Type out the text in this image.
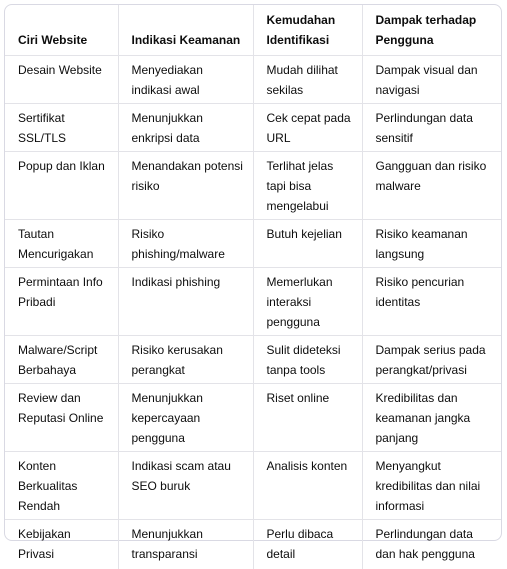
Ciri Website	Indikasi Keamanan	Kemudahan Identifikasi	Dampak terhadap Pengguna
Desain Website	Menyediakan indikasi awal	Mudah dilihat sekilas	Dampak visual dan navigasi
Sertifikat SSL/TLS	Menunjukkan enkripsi data	Cek cepat pada URL	Perlindungan data sensitif
Popup dan Iklan	Menandakan potensi risiko	Terlihat jelas tapi bisa mengelabui	Gangguan dan risiko malware
Tautan Mencurigakan	Risiko phishing/malware	Butuh kejelian	Risiko keamanan langsung
Permintaan Info Pribadi	Indikasi phishing	Memerlukan interaksi pengguna	Risiko pencurian identitas
Malware/Script Berbahaya	Risiko kerusakan perangkat	Sulit dideteksi tanpa tools	Dampak serius pada perangkat/privasi
Review dan Reputasi Online	Menunjukkan kepercayaan pengguna	Riset online	Kredibilitas dan keamanan jangka panjang
Konten Berkualitas Rendah	Indikasi scam atau SEO buruk	Analisis konten	Menyangkut kredibilitas dan nilai informasi
Kebijakan Privasi	Menunjukkan transparansi	Perlu dibaca detail	Perlindungan data dan hak pengguna
